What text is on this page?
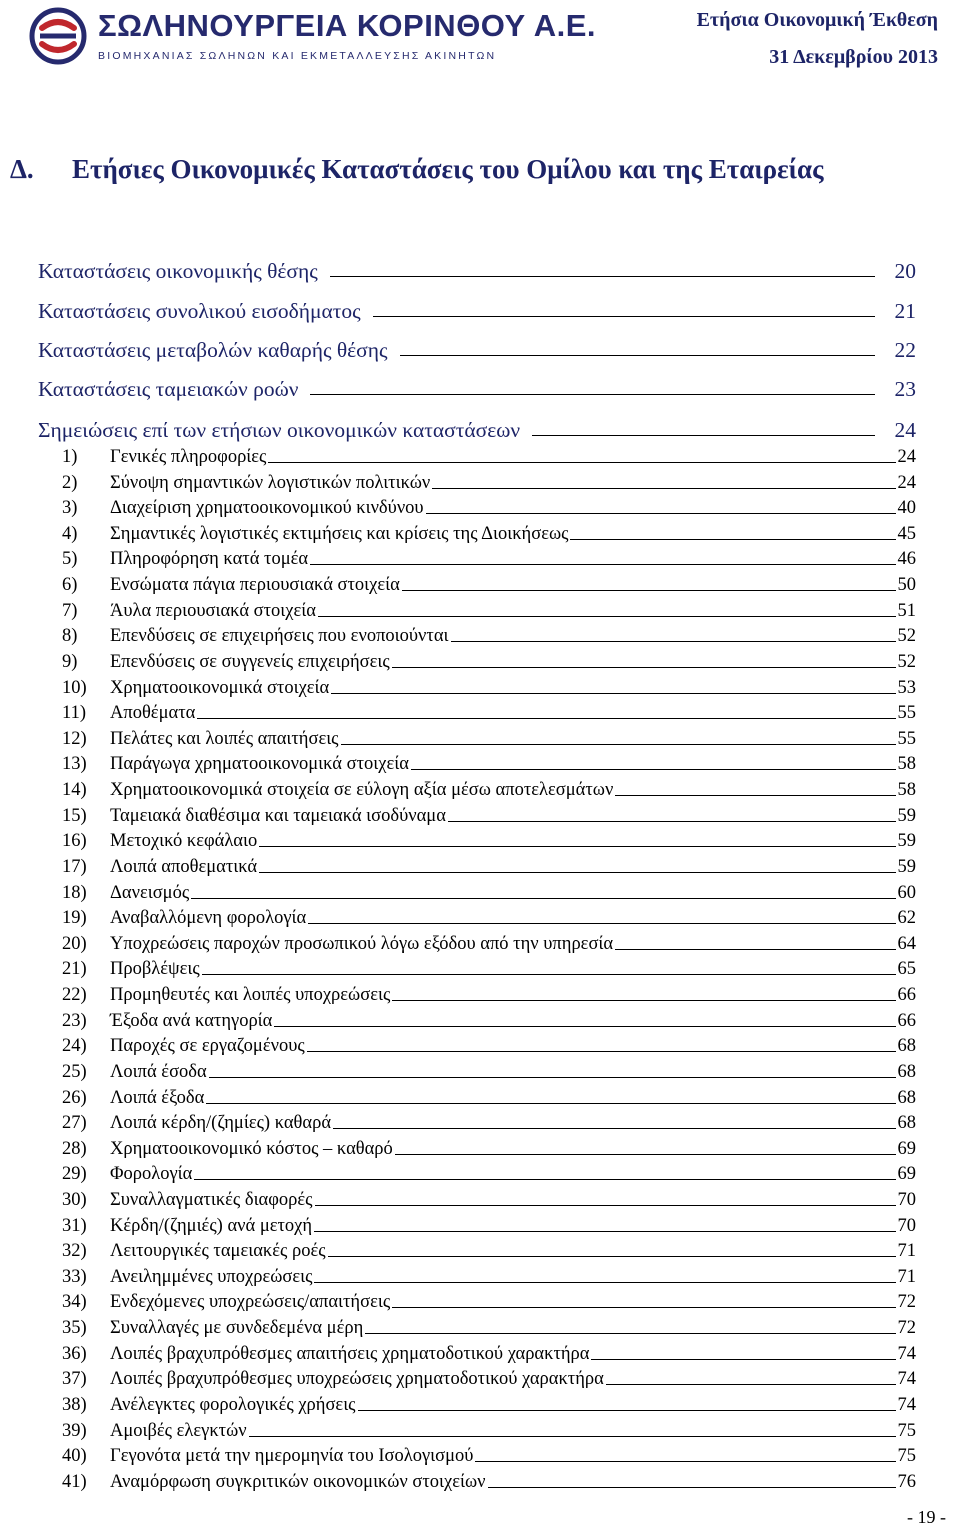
ΣΩΛΗΝΟΥΡΓΕΙΑ ΚΟΡΙΝΘΟΥ Α.Ε.
ΒΙΟΜΗΧΑΝΙΑΣ ΣΩΛΗΝΩΝ ΚΑΙ ΕΚΜΕΤΑΛΛΕΥΣΗΣ ΑΚΙΝΗΤΩΝ
Ετήσια Οικονομική Έκθεση
31 Δεκεμβρίου 2013
Δ. Ετήσιες Οικονομικές Καταστάσεις του Ομίλου και της Εταιρείας
Καταστάσεις οικονομικής θέσης	20
Καταστάσεις συνολικού εισοδήματος	21
Καταστάσεις μεταβολών καθαρής θέσης	22
Καταστάσεις ταμειακών ροών	23
Σημειώσεις επί των ετήσιων οικονομικών καταστάσεων	24
1)	Γενικές πληροφορίες	24
2)	Σύνοψη σημαντικών λογιστικών πολιτικών	24
3)	Διαχείριση χρηματοοικονομικού κινδύνου	40
4)	Σημαντικές λογιστικές εκτιμήσεις και κρίσεις της Διοικήσεως	45
5)	Πληροφόρηση κατά τομέα	46
6)	Ενσώματα πάγια περιουσιακά στοιχεία	50
7)	Άυλα περιουσιακά στοιχεία	51
8)	Επενδύσεις σε επιχειρήσεις που ενοποιούνται	52
9)	Επενδύσεις σε συγγενείς επιχειρήσεις	52
10)	Χρηματοοικονομικά στοιχεία	53
11)	Αποθέματα	55
12)	Πελάτες και λοιπές απαιτήσεις	55
13)	Παράγωγα χρηματοοικονομικά στοιχεία	58
14)	Χρηματοοικονομικά στοιχεία σε εύλογη αξία μέσω αποτελεσμάτων	58
15)	Ταμειακά διαθέσιμα και ταμειακά ισοδύναμα	59
16)	Μετοχικό κεφάλαιο	59
17)	Λοιπά αποθεματικά	59
18)	Δανεισμός	60
19)	Αναβαλλόμενη φορολογία	62
20)	Υποχρεώσεις παροχών προσωπικού λόγω εξόδου από την υπηρεσία	64
21)	Προβλέψεις	65
22)	Προμηθευτές και λοιπές υποχρεώσεις	66
23)	Έξοδα ανά κατηγορία	66
24)	Παροχές σε εργαζομένους	68
25)	Λοιπά έσοδα	68
26)	Λοιπά έξοδα	68
27)	Λοιπά κέρδη/(ζημίες) καθαρά	68
28)	Χρηματοοικονομικό κόστος – καθαρό	69
29)	Φορολογία	69
30)	Συναλλαγματικές διαφορές	70
31)	Κέρδη/(ζημιές) ανά μετοχή	70
32)	Λειτουργικές ταμειακές ροές	71
33)	Ανειλημμένες υποχρεώσεις	71
34)	Ενδεχόμενες υποχρεώσεις/απαιτήσεις	72
35)	Συναλλαγές με συνδεδεμένα μέρη	72
36)	Λοιπές βραχυπρόθεσμες απαιτήσεις χρηματοδοτικού χαρακτήρα	74
37)	Λοιπές βραχυπρόθεσμες υποχρεώσεις χρηματοδοτικού χαρακτήρα	74
38)	Ανέλεγκτες φορολογικές χρήσεις	74
39)	Αμοιβές ελεγκτών	75
40)	Γεγονότα μετά την ημερομηνία του Ισολογισμού	75
41)	Αναμόρφωση συγκριτικών οικονομικών στοιχείων	76
- 19 -
